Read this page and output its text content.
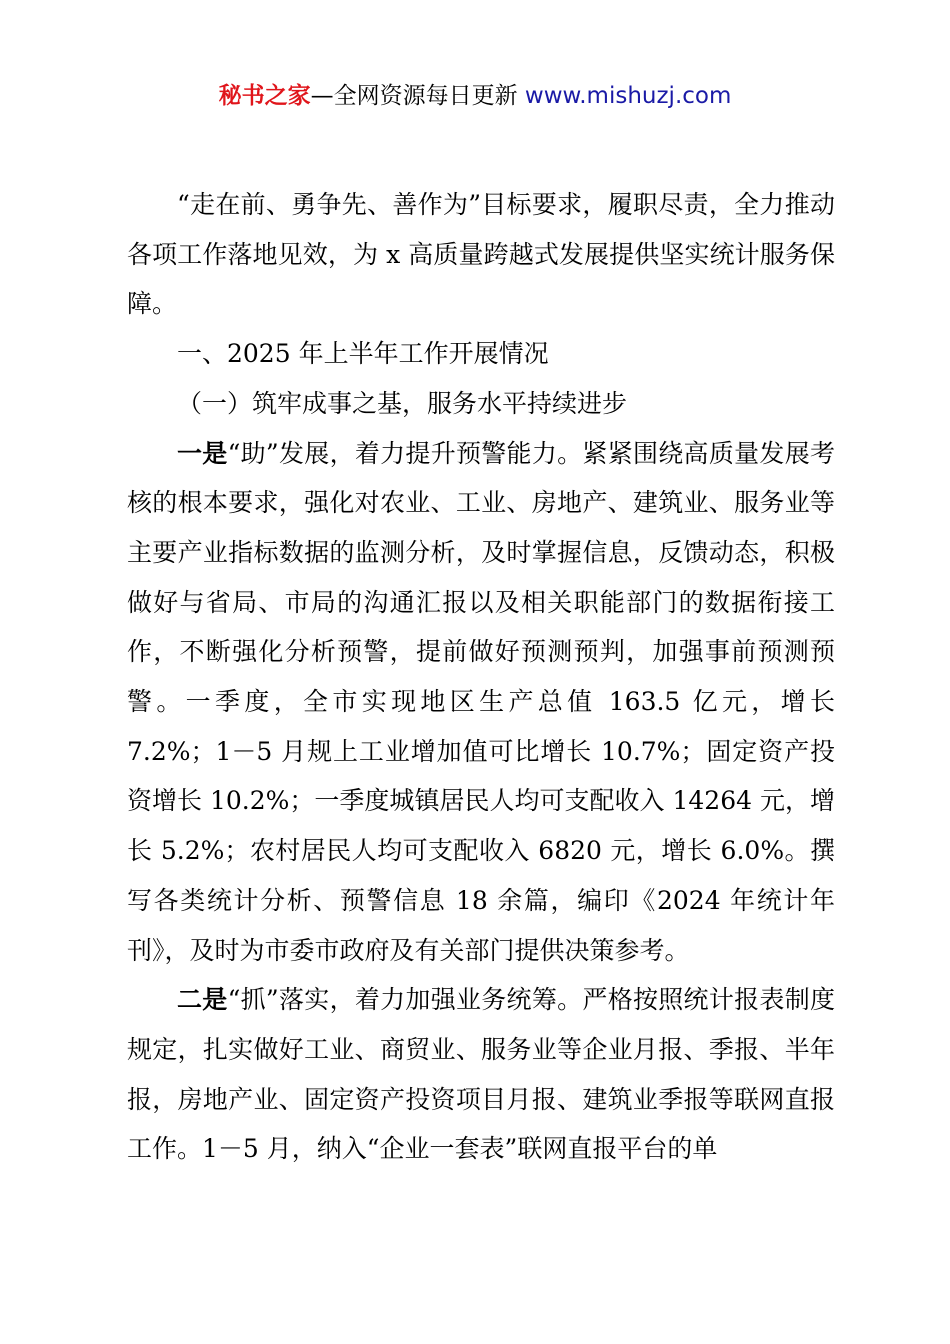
秘书之家—全网资源每日更新 www.mishuzj.com

“走在前、勇争先、善作为”目标要求，履职尽责，全力推动各项工作落地见效，为 x 高质量跨越式发展提供坚实统计服务保障。

一、2025 年上半年工作开展情况

（一）筑牢成事之基，服务水平持续进步

一是“助”发展，着力提升预警能力。紧紧围绕高质量发展考核的根本要求，强化对农业、工业、房地产、建筑业、服务业等主要产业指标数据的监测分析，及时掌握信息，反馈动态，积极做好与省局、市局的沟通汇报以及相关职能部门的数据衔接工作，不断强化分析预警，提前做好预测预判，加强事前预测预警。一季度，全市实现地区生产总值 163.5 亿元，增长 7.2%；1－5 月规上工业增加值可比增长 10.7%；固定资产投资增长 10.2%；一季度城镇居民人均可支配收入 14264 元，增长 5.2%；农村居民人均可支配收入 6820 元，增长 6.0%。撰写各类统计分析、预警信息 18 余篇，编印《2024 年统计年刊》，及时为市委市政府及有关部门提供决策参考。

二是“抓”落实，着力加强业务统筹。严格按照统计报表制度规定，扎实做好工业、商贸业、服务业等企业月报、季报、半年报，房地产业、固定资产投资项目月报、建筑业季报等联网直报工作。1－5 月，纳入“企业一套表”联网直报平台的单
